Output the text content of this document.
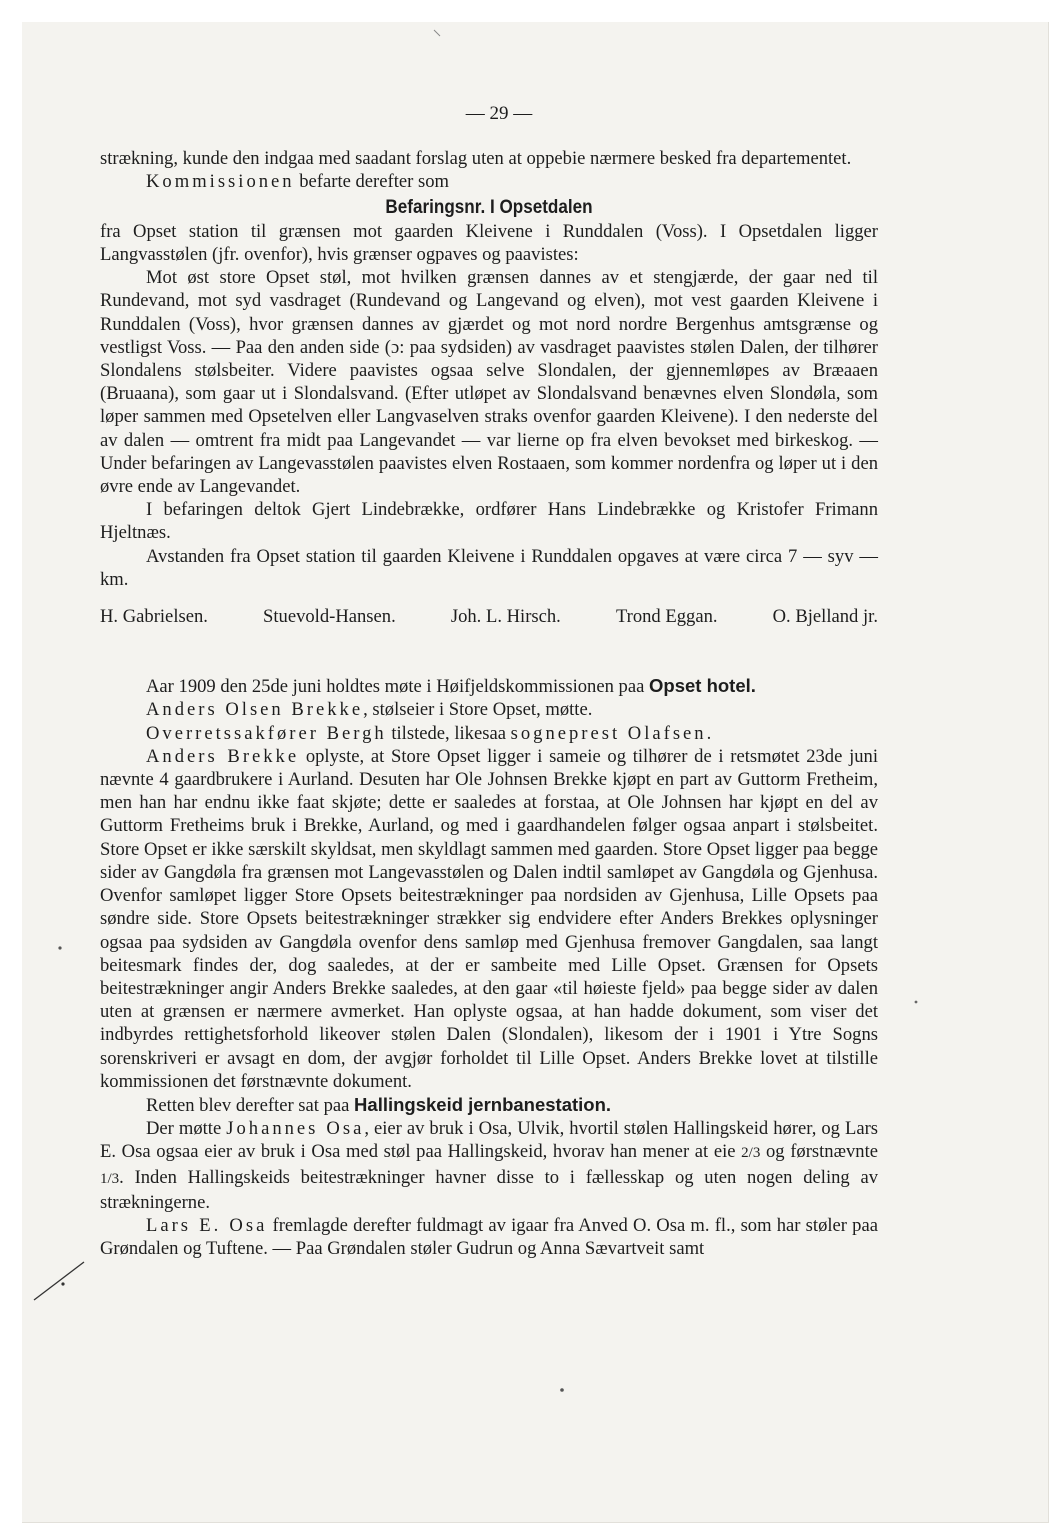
— 29 —

strækning, kunde den indgaa med saadant forslag uten at oppebie nærmere besked fra departementet.

Kommissionen befarte derefter som

Befaringsnr. I Opsetdalen

fra Opset station til grænsen mot gaarden Kleivene i Runddalen (Voss). I Opsetdalen ligger Langvasstølen (jfr. ovenfor), hvis grænser ogpaves og paavistes:

Mot øst store Opset støl, mot hvilken grænsen dannes av et stengjærde, der gaar ned til Rundevand, mot syd vasdraget (Rundevand og Langevand og elven), mot vest gaarden Kleivene i Runddalen (Voss), hvor grænsen dannes av gjærdet og mot nord nordre Bergenhus amtsgrænse og vestligst Voss. — Paa den anden side (ɔ: paa sydsiden) av vasdraget paavistes stølen Dalen, der tilhører Slondalens stølsbeiter. Videre paavistes ogsaa selve Slondalen, der gjennemløpes av Bræaaen (Bruaana), som gaar ut i Slondalsvand. (Efter utløpet av Slondalsvand benævnes elven Slondøla, som løper sammen med Opsetelven eller Langvaselven straks ovenfor gaarden Kleivene). I den nederste del av dalen — omtrent fra midt paa Langevandet — var lierne op fra elven bevokset med birkeskog. — Under befaringen av Langevasstølen paavistes elven Rostaaen, som kommer nordenfra og løper ut i den øvre ende av Langevandet.

I befaringen deltok Gjert Lindebrække, ordfører Hans Lindebrække og Kristofer Frimann Hjeltnæs.

Avstanden fra Opset station til gaarden Kleivene i Runddalen opgaves at være circa 7 — syv — km.

H. Gabrielsen.	Stuevold-Hansen.	Joh. L. Hirsch.	Trond Eggan.	O. Bjelland jr.

Aar 1909 den 25de juni holdtes møte i Høifjeldskommissionen paa Opset hotel.

Anders Olsen Brekke, stølseier i Store Opset, møtte.

Overretssakfører Bergh tilstede, likesaa sogneprest Olafsen.

Anders Brekke oplyste, at Store Opset ligger i sameie og tilhører de i retsmøtet 23de juni nævnte 4 gaardbrukere i Aurland. Desuten har Ole Johnsen Brekke kjøpt en part av Guttorm Fretheim, men han har endnu ikke faat skjøte; dette er saaledes at forstaa, at Ole Johnsen har kjøpt en del av Guttorm Fretheims bruk i Brekke, Aurland, og med i gaardhandelen følger ogsaa anpart i stølsbeitet. Store Opset er ikke særskilt skyldsat, men skyldlagt sammen med gaarden. Store Opset ligger paa begge sider av Gangdøla fra grænsen mot Langevasstølen og Dalen indtil samløpet av Gangdøla og Gjenhusa. Ovenfor samløpet ligger Store Opsets beitestrækninger paa nordsiden av Gjenhusa, Lille Opsets paa søndre side. Store Opsets beitestrækninger strækker sig endvidere efter Anders Brekkes oplysninger ogsaa paa sydsiden av Gangdøla ovenfor dens samløp med Gjenhusa fremover Gangdalen, saa langt beitesmark findes der, dog saaledes, at der er sambeite med Lille Opset. Grænsen for Opsets beitestrækninger angir Anders Brekke saaledes, at den gaar «til høieste fjeld» paa begge sider av dalen uten at grænsen er nærmere avmerket. Han oplyste ogsaa, at han hadde dokument, som viser det indbyrdes rettighetsforhold likeover stølen Dalen (Slondalen), likesom der i 1901 i Ytre Sogns sorenskriveri er avsagt en dom, der avgjør forholdet til Lille Opset. Anders Brekke lovet at tilstille kommissionen det førstnævnte dokument.

Retten blev derefter sat paa Hallingskeid jernbanestation.

Der møtte Johannes Osa, eier av bruk i Osa, Ulvik, hvortil stølen Hallingskeid hører, og Lars E. Osa ogsaa eier av bruk i Osa med støl paa Hallingskeid, hvorav han mener at eie 2/3 og førstnævnte 1/3. Inden Hallingskeids beitestrækninger havner disse to i fællesskap og uten nogen deling av strækningerne.

Lars E. Osa fremlagde derefter fuldmagt av igaar fra Anved O. Osa m. fl., som har støler paa Grøndalen og Tuftene. — Paa Grøndalen støler Gudrun og Anna Sævartveit samt
